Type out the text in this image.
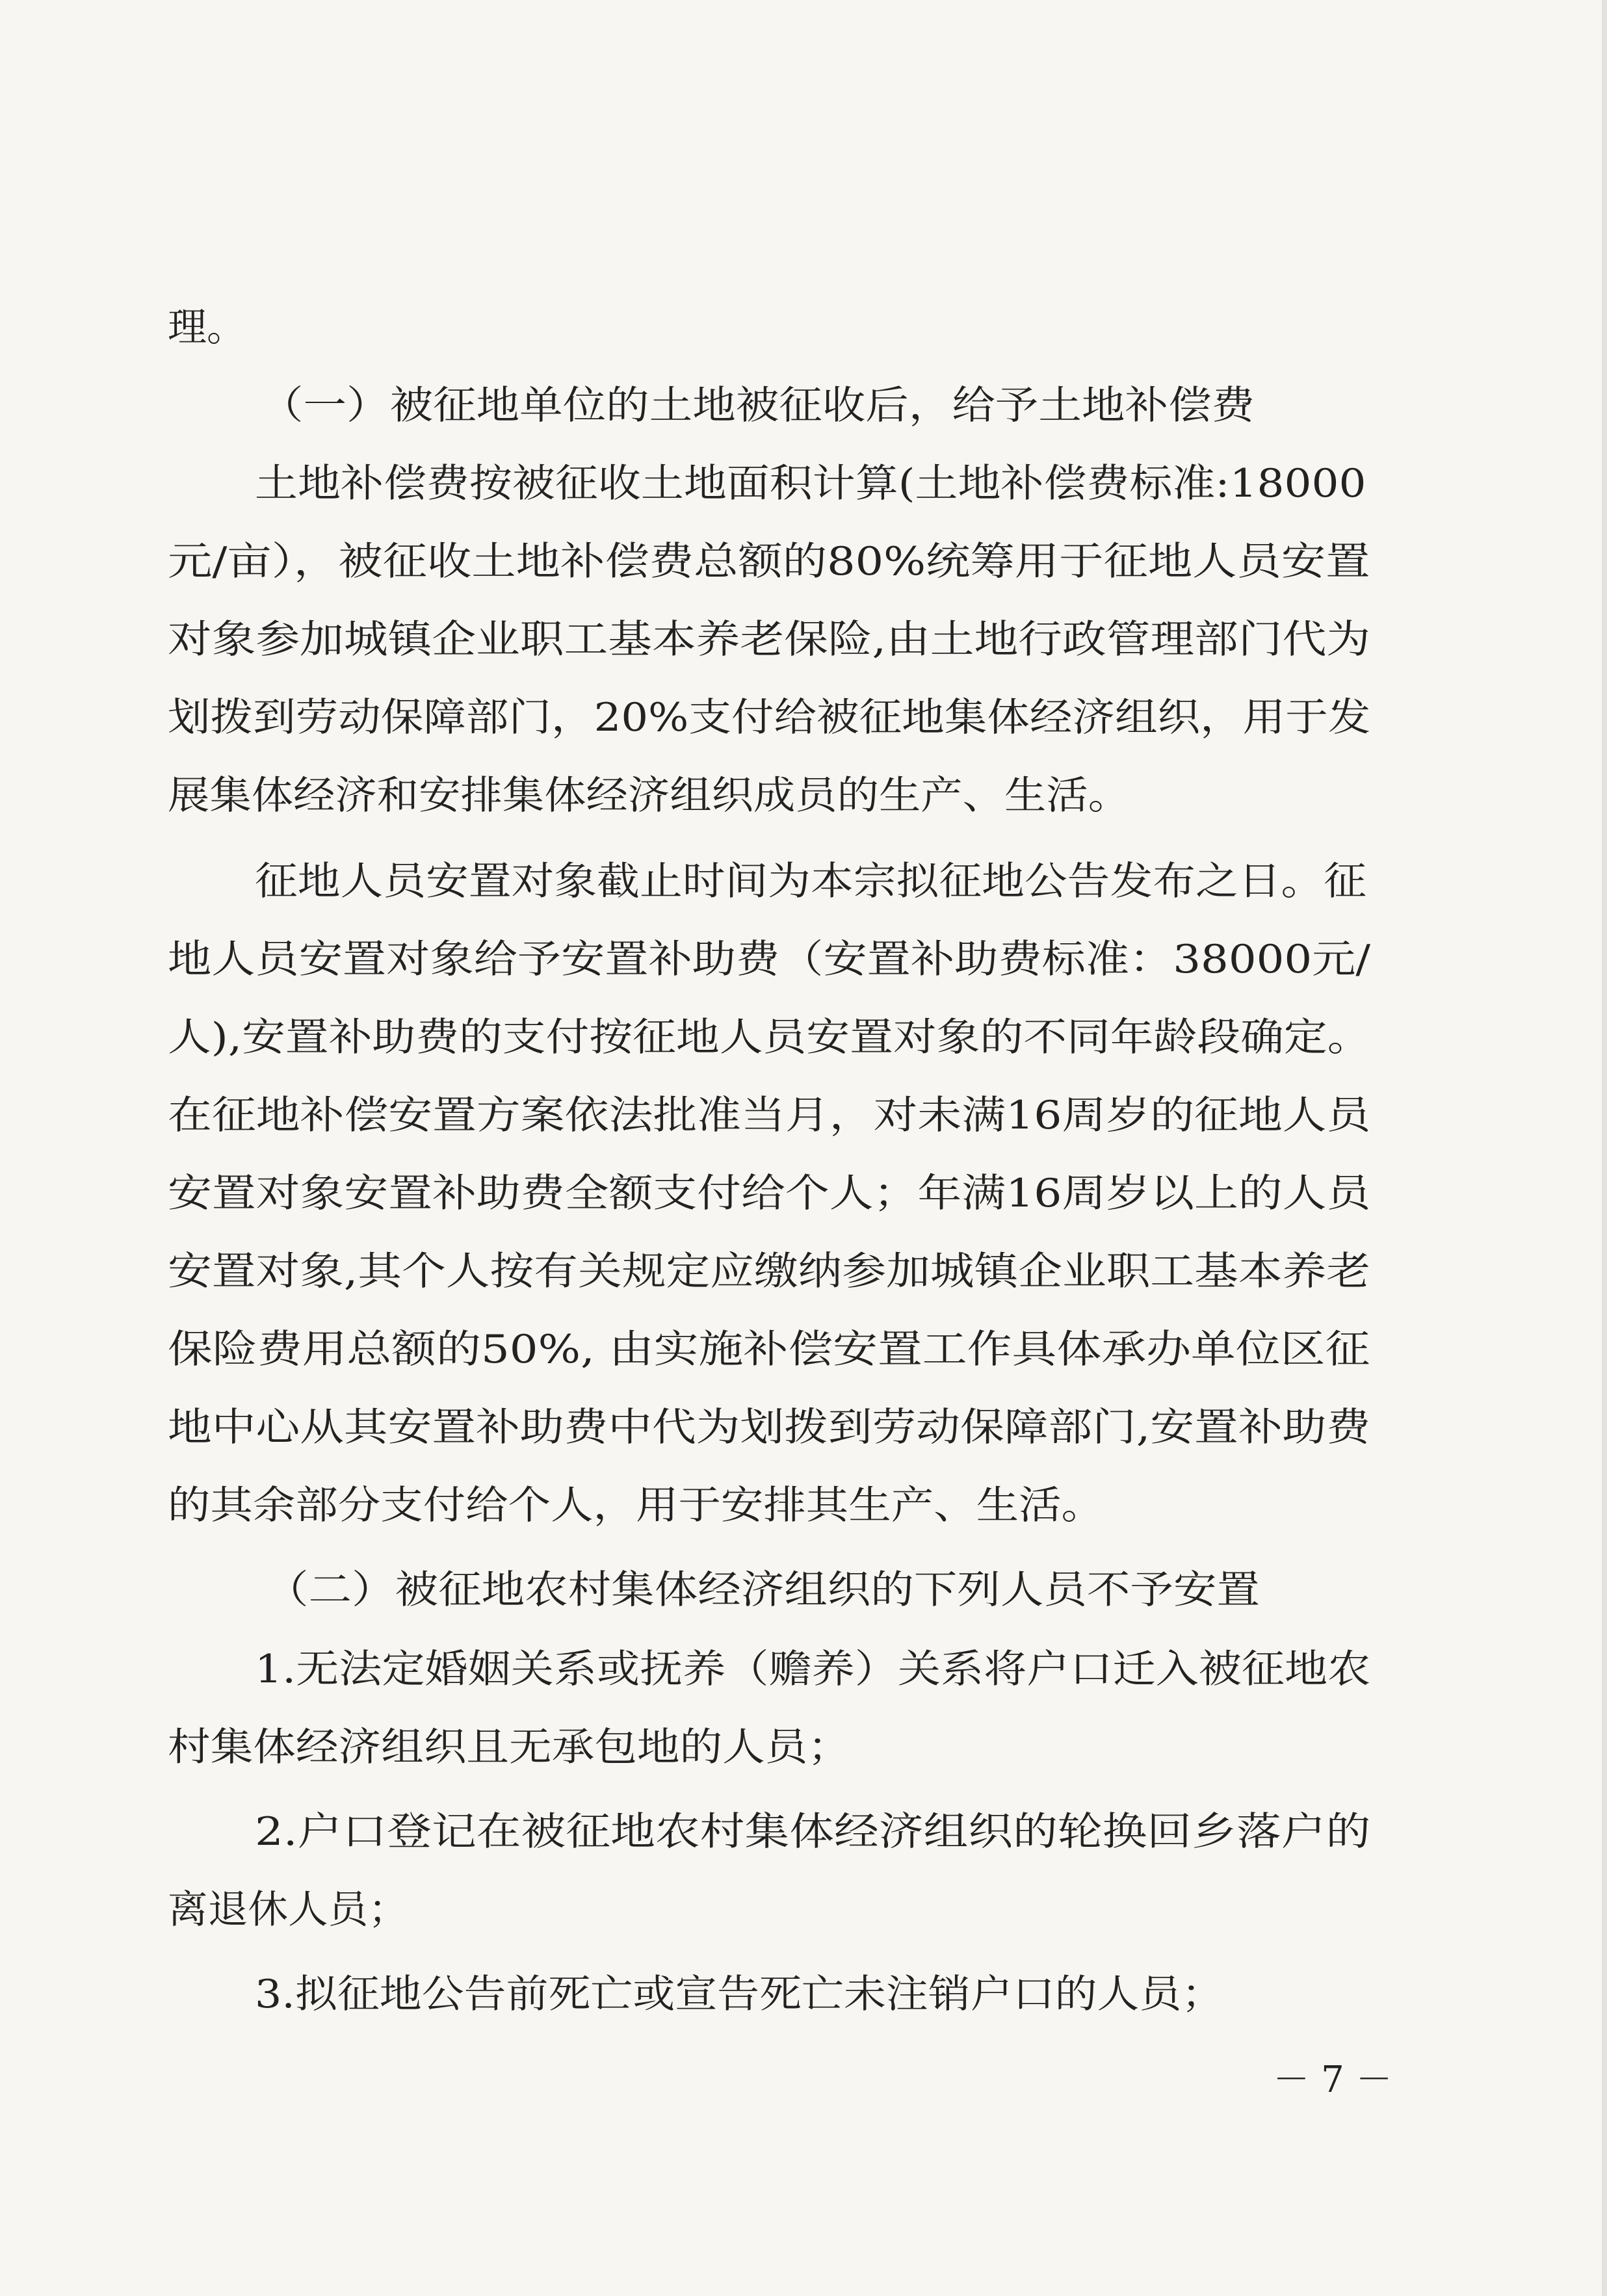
理。
（一）被征地单位的土地被征收后，给予土地补偿费
土地补偿费按被征收土地面积计算(土地补偿费标准:18000
元/亩），被征收土地补偿费总额的80%统筹用于征地人员安置
对象参加城镇企业职工基本养老保险,由土地行政管理部门代为
划拨到劳动保障部门，20%支付给被征地集体经济组织，用于发
展集体经济和安排集体经济组织成员的生产、生活。
征地人员安置对象截止时间为本宗拟征地公告发布之日。征
地人员安置对象给予安置补助费（安置补助费标准：38000元/
人),安置补助费的支付按征地人员安置对象的不同年龄段确定。
在征地补偿安置方案依法批准当月，对未满16周岁的征地人员
安置对象安置补助费全额支付给个人；年满16周岁以上的人员
安置对象,其个人按有关规定应缴纳参加城镇企业职工基本养老
保险费用总额的50%, 由实施补偿安置工作具体承办单位区征
地中心从其安置补助费中代为划拨到劳动保障部门,安置补助费
的其余部分支付给个人，用于安排其生产、生活。
（二）被征地农村集体经济组织的下列人员不予安置
1.无法定婚姻关系或抚养（赡养）关系将户口迁入被征地农
村集体经济组织且无承包地的人员；
2.户口登记在被征地农村集体经济组织的轮换回乡落户的
离退休人员；
3.拟征地公告前死亡或宣告死亡未注销户口的人员；
－ 7 －
